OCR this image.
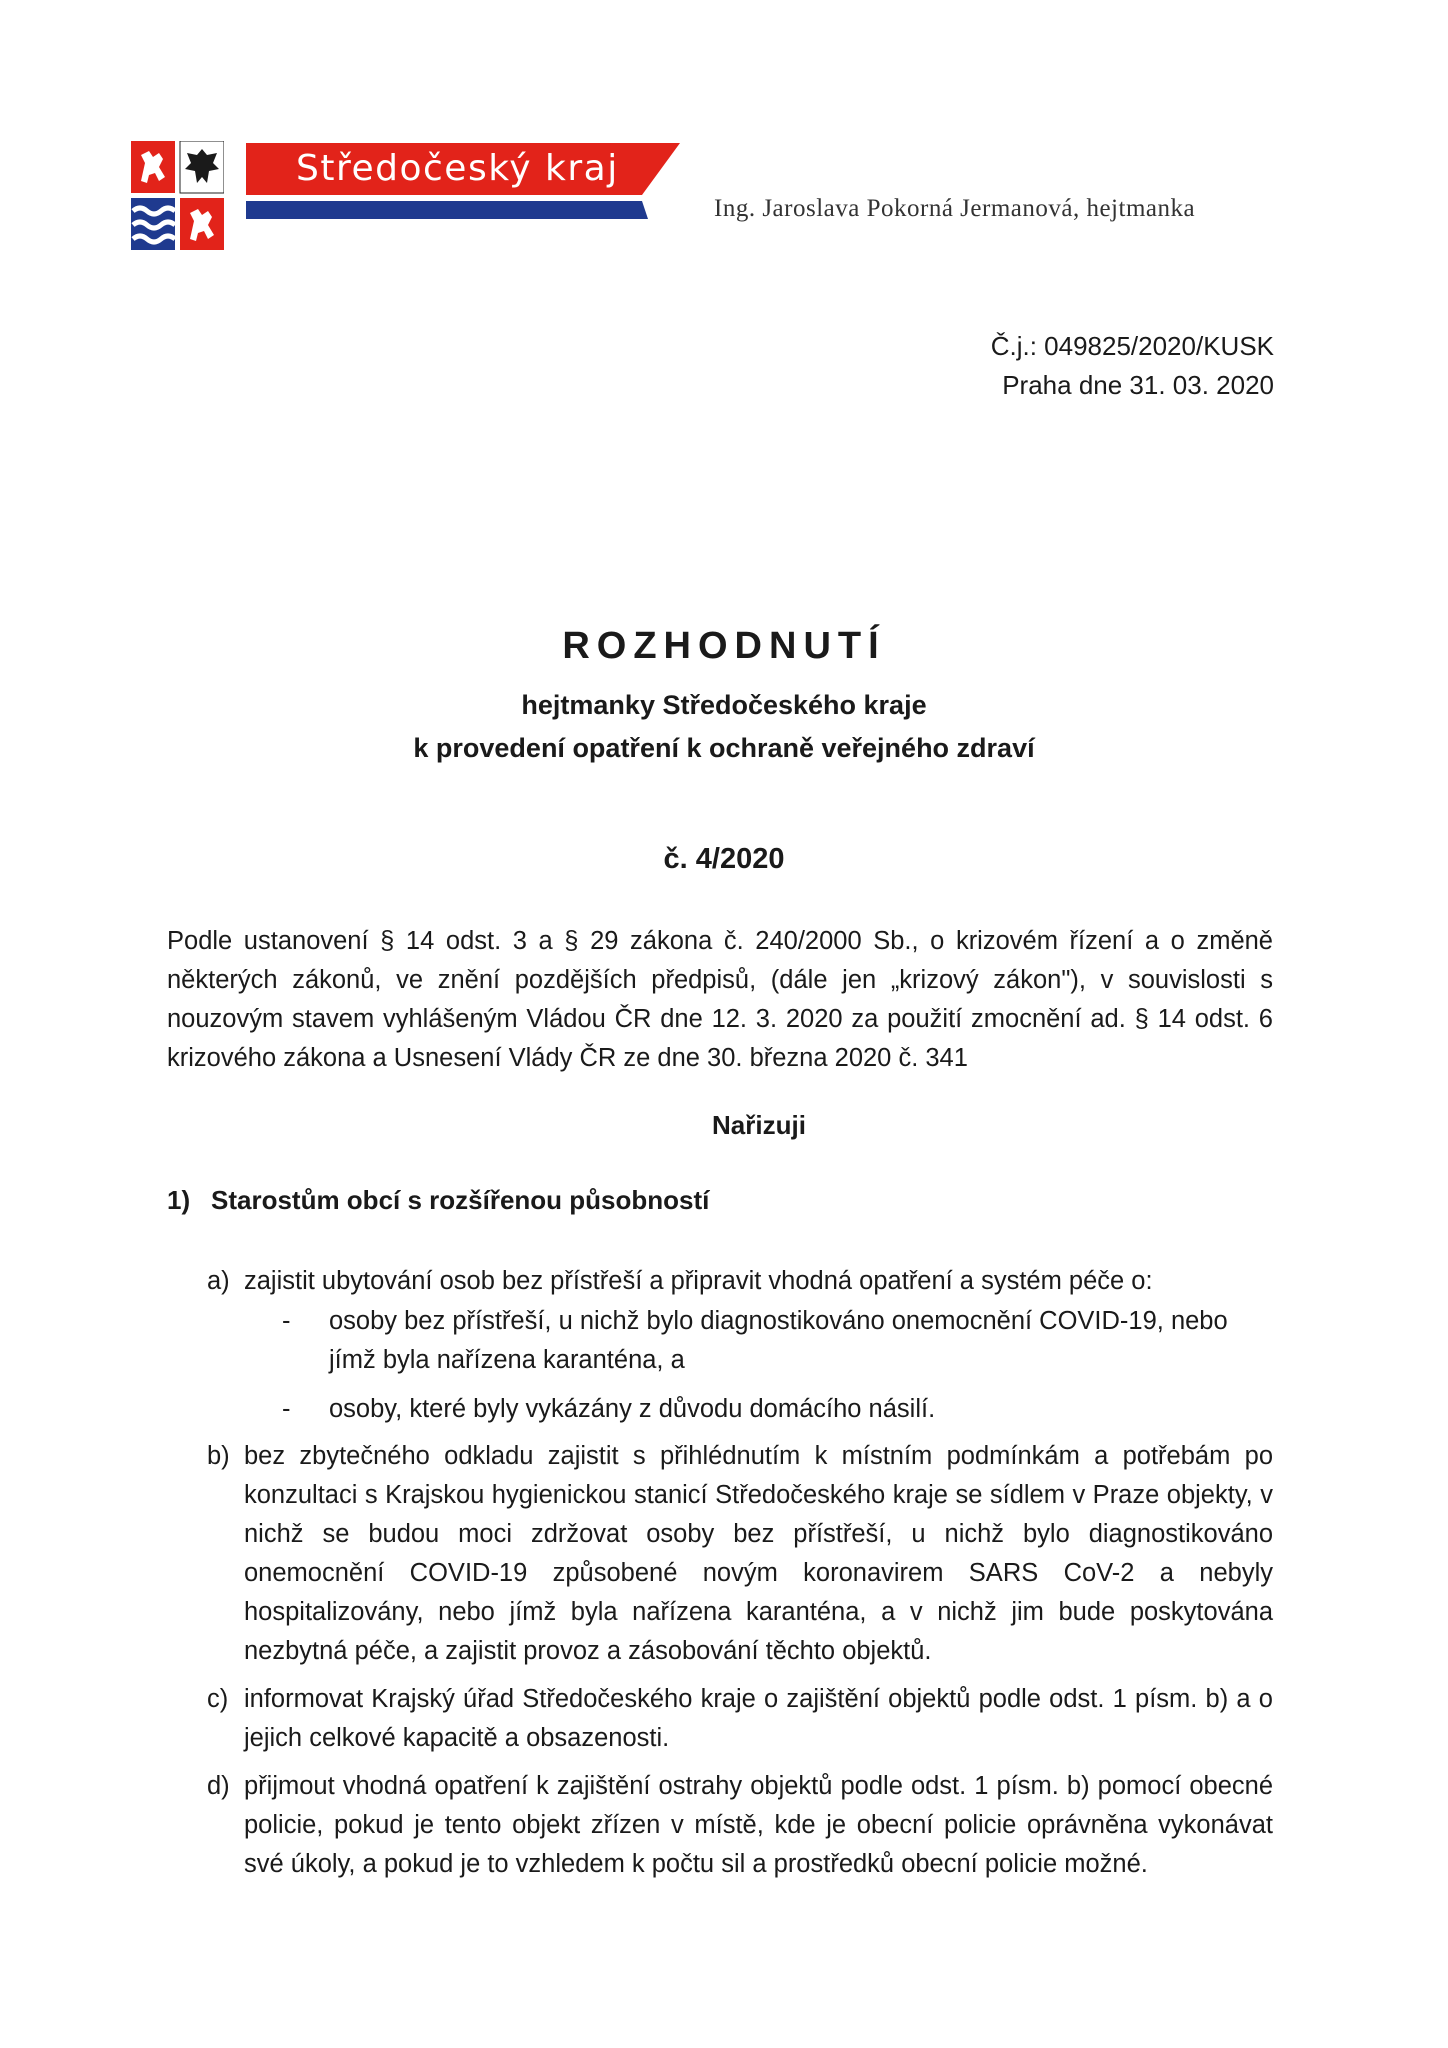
Středočeský kraj
Ing. Jaroslava Pokorná Jermanová, hejtmanka
Č.j.: 049825/2020/KUSK
Praha dne 31. 03. 2020
ROZHODNUTÍ
hejtmanky Středočeského kraje
k provedení opatření k ochraně veřejného zdraví
č. 4/2020

Podle ustanovení § 14 odst. 3 a § 29 zákona č. 240/2000 Sb., o krizovém řízení a o změně některých zákonů, ve znění pozdějších předpisů, (dále jen „krizový zákon"), v souvislosti s nouzovým stavem vyhlášeným Vládou ČR dne 12. 3. 2020 za použití zmocnění ad. § 14 odst. 6 krizového zákona a Usnesení Vlády ČR ze dne 30. března 2020 č. 341

Nařizuji
1) Starostům obcí s rozšířenou působností
a) zajistit ubytování osob bez přístřeší a připravit vhodná opatření a systém péče o:
- osoby bez přístřeší, u nichž bylo diagnostikováno onemocnění COVID-19, nebo jímž byla nařízena karanténa, a
- osoby, které byly vykázány z důvodu domácího násilí.
b) bez zbytečného odkladu zajistit s přihlédnutím k místním podmínkám a potřebám po konzultaci s Krajskou hygienickou stanicí Středočeského kraje se sídlem v Praze objekty, v nichž se budou moci zdržovat osoby bez přístřeší, u nichž bylo diagnostikováno onemocnění COVID-19 způsobené novým koronavirem SARS CoV-2 a nebyly hospitalizovány, nebo jímž byla nařízena karanténa, a v nichž jim bude poskytována nezbytná péče, a zajistit provoz a zásobování těchto objektů.
c) informovat Krajský úřad Středočeského kraje o zajištění objektů podle odst. 1 písm. b) a o jejich celkové kapacitě a obsazenosti.
d) přijmout vhodná opatření k zajištění ostrahy objektů podle odst. 1 písm. b) pomocí obecné policie, pokud je tento objekt zřízen v místě, kde je obecní policie oprávněna vykonávat své úkoly, a pokud je to vzhledem k počtu sil a prostředků obecní policie možné.
